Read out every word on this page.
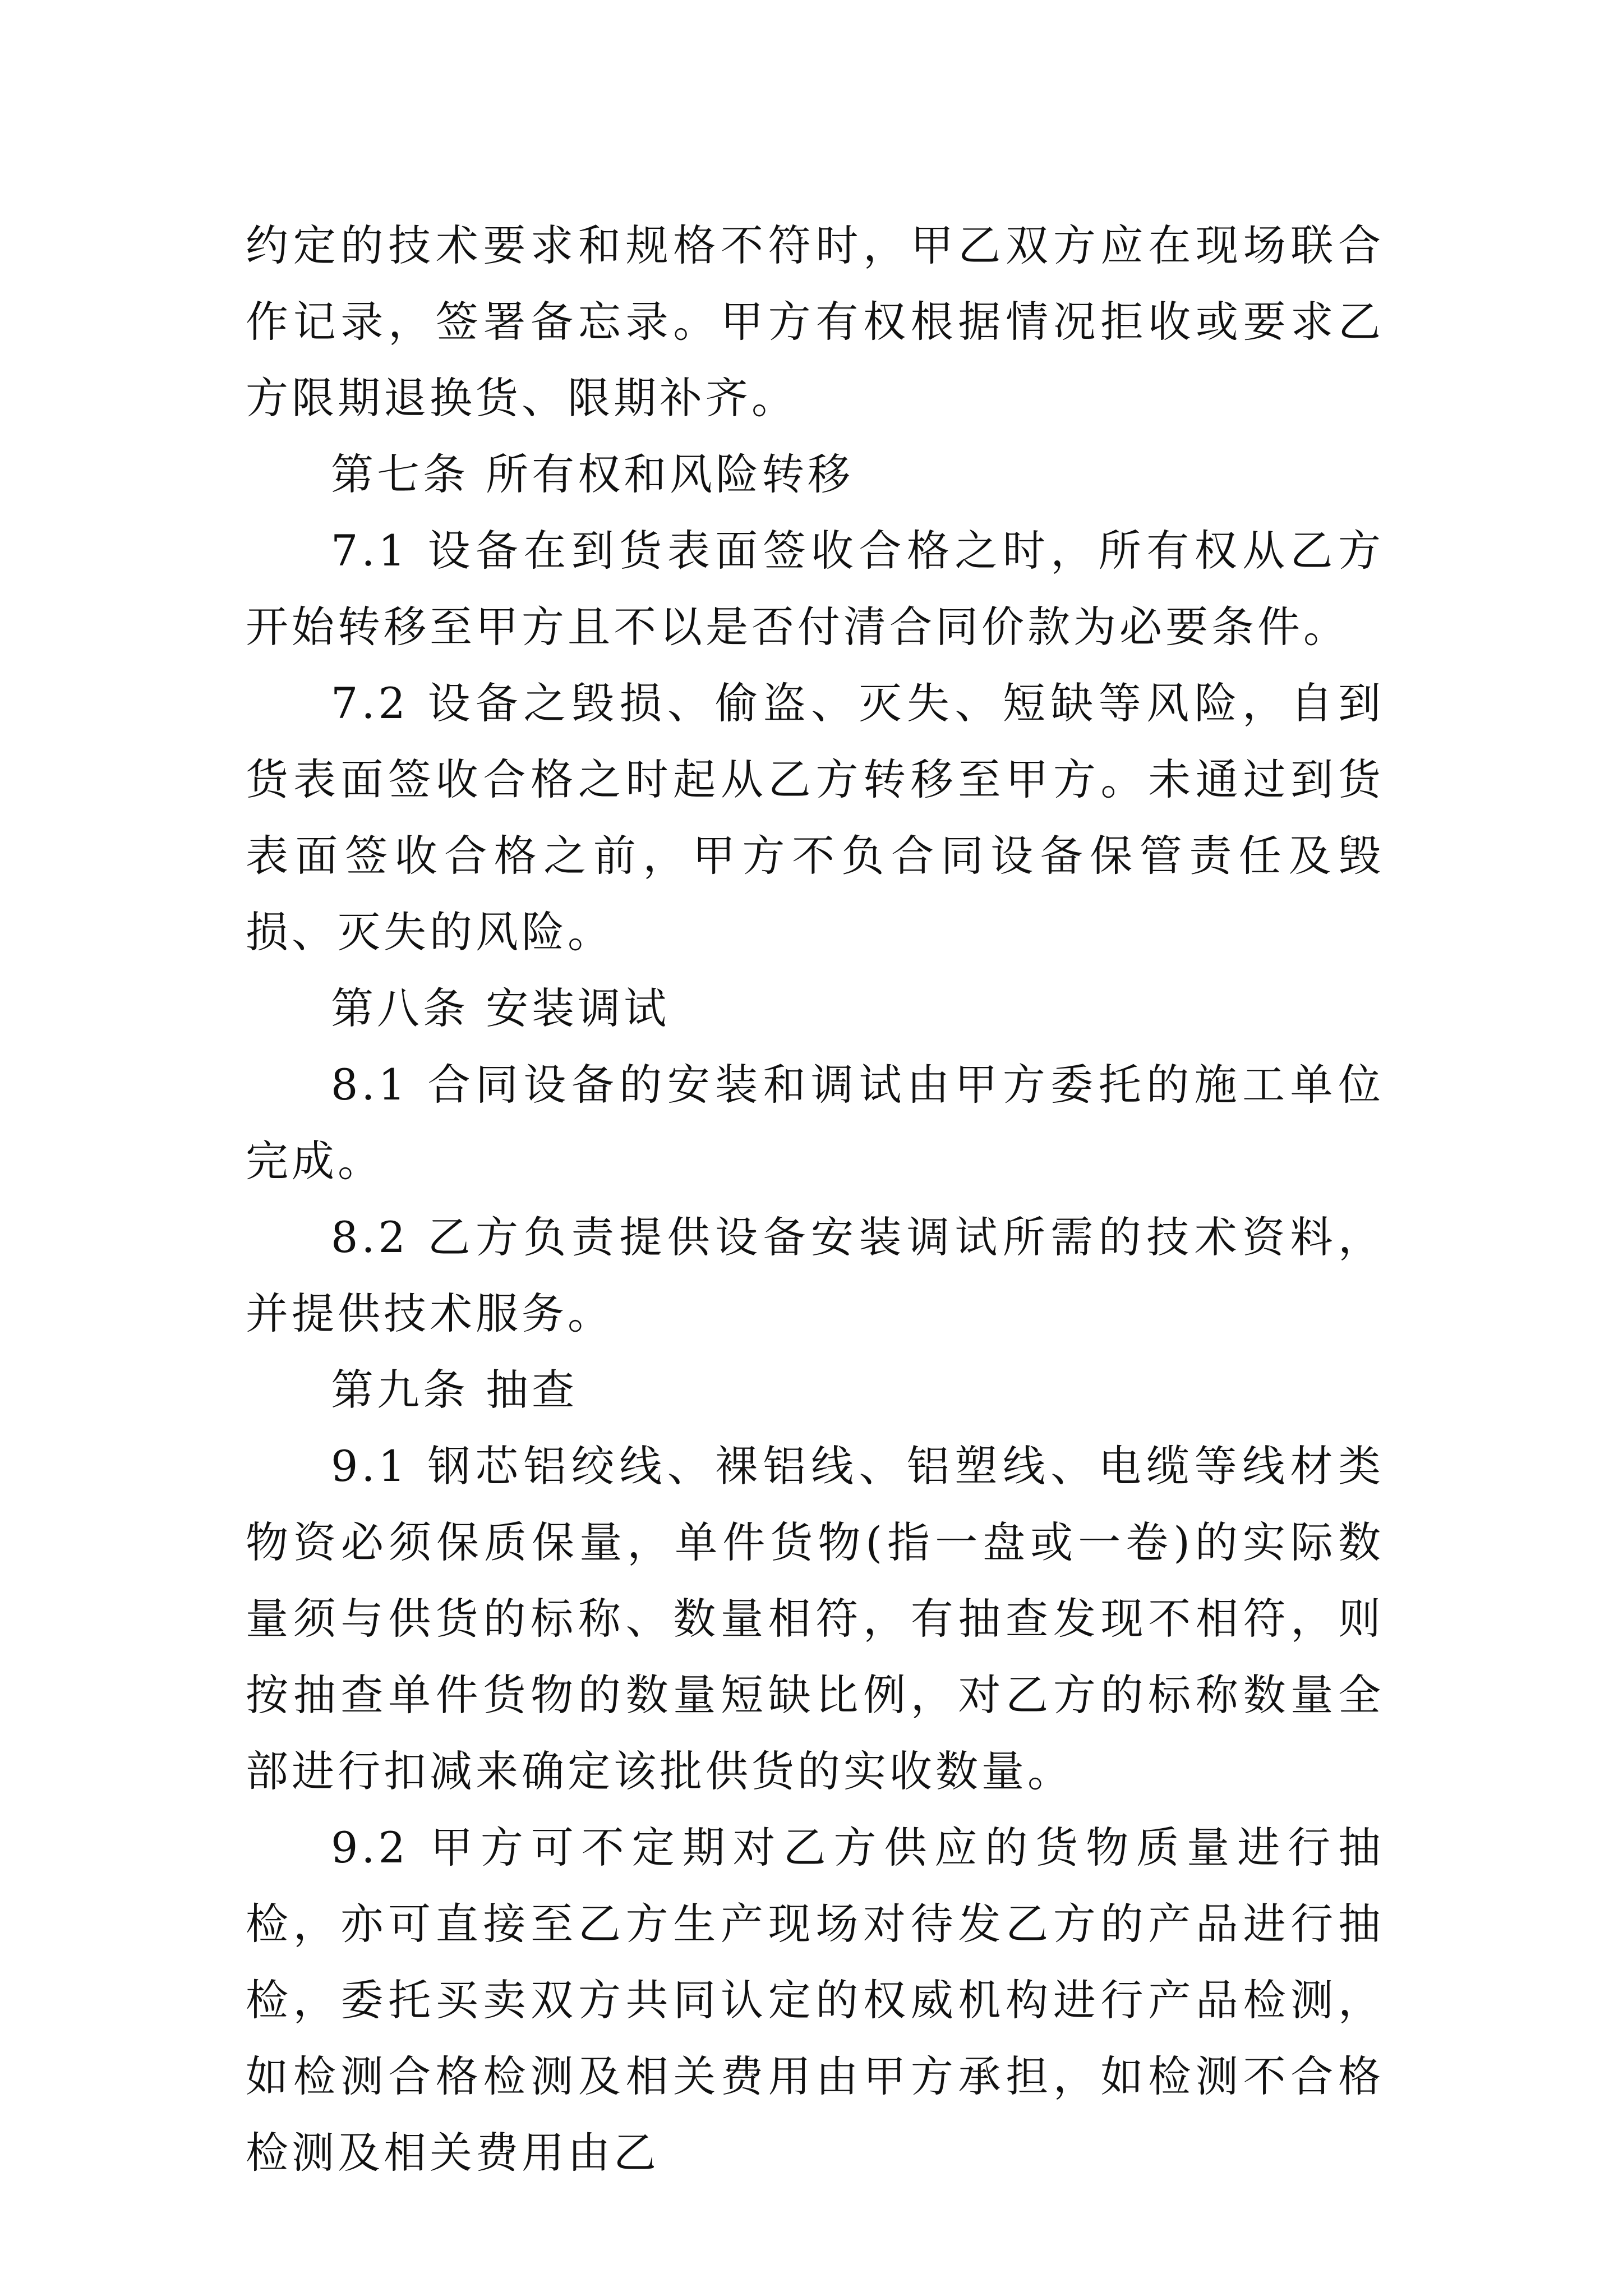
约定的技术要求和规格不符时，甲乙双方应在现场联合作记录，签署备忘录。甲方有权根据情况拒收或要求乙方限期退换货、限期补齐。

第七条 所有权和风险转移

7.1 设备在到货表面签收合格之时，所有权从乙方开始转移至甲方且不以是否付清合同价款为必要条件。

7.2 设备之毁损、偷盗、灭失、短缺等风险，自到货表面签收合格之时起从乙方转移至甲方。未通过到货表面签收合格之前，甲方不负合同设备保管责任及毁损、灭失的风险。

第八条 安装调试

8.1 合同设备的安装和调试由甲方委托的施工单位完成。

8.2 乙方负责提供设备安装调试所需的技术资料，并提供技术服务。

第九条 抽查

9.1 钢芯铝绞线、裸铝线、铝塑线、电缆等线材类物资必须保质保量，单件货物(指一盘或一卷)的实际数量须与供货的标称、数量相符，有抽查发现不相符，则按抽查单件货物的数量短缺比例，对乙方的标称数量全部进行扣减来确定该批供货的实收数量。

9.2 甲方可不定期对乙方供应的货物质量进行抽检，亦可直接至乙方生产现场对待发乙方的产品进行抽检，委托买卖双方共同认定的权威机构进行产品检测，如检测合格检测及相关费用由甲方承担，如检测不合格检测及相关费用由乙
